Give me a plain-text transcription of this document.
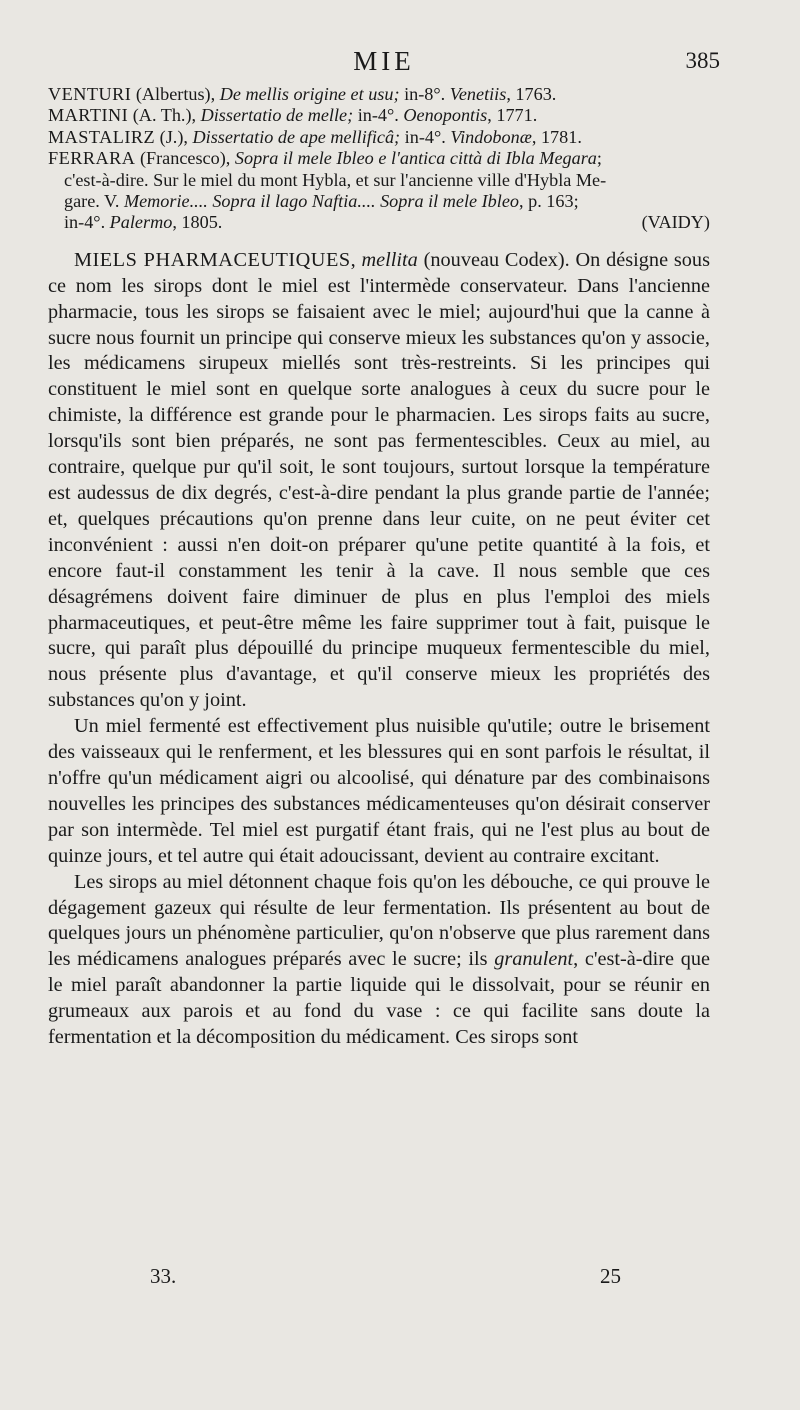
MIE	385

VENTURI (Albertus), De mellis origine et usu; in-8°. Venetiis, 1763.

MARTINI (A. Th.), Dissertatio de melle; in-4°. Oenopontis, 1771.

MASTALIRZ (J.), Dissertatio de ape mellificâ; in-4°. Vindobonæ, 1781.

FERRARA (Francesco), Sopra il mele Ibleo e l'antica città di Ibla Megara;

c'est-à-dire. Sur le miel du mont Hybla, et sur l'ancienne ville d'Hybla Me-

gare. V. Memorie.... Sopra il lago Naftia.... Sopra il mele Ibleo, p. 163;

in-4°. Palermo, 1805.	(VAIDY)

MIELS PHARMACEUTIQUES, mellita (nouveau Codex). On désigne sous ce nom les sirops dont le miel est l'intermède conservateur. Dans l'ancienne pharmacie, tous les sirops se faisaient avec le miel; aujourd'hui que la canne à sucre nous fournit un principe qui conserve mieux les substances qu'on y associe, les médicamens sirupeux miellés sont très-restreints. Si les principes qui constituent le miel sont en quelque sorte analogues à ceux du sucre pour le chimiste, la différence est grande pour le pharmacien. Les sirops faits au sucre, lorsqu'ils sont bien préparés, ne sont pas fermentescibles. Ceux au miel, au contraire, quelque pur qu'il soit, le sont toujours, surtout lorsque la température est audessus de dix degrés, c'est-à-dire pendant la plus grande partie de l'année; et, quelques précautions qu'on prenne dans leur cuite, on ne peut éviter cet inconvénient : aussi n'en doit-on préparer qu'une petite quantité à la fois, et encore faut-il constamment les tenir à la cave. Il nous semble que ces désagrémens doivent faire diminuer de plus en plus l'emploi des miels pharmaceutiques, et peut-être même les faire supprimer tout à fait, puisque le sucre, qui paraît plus dépouillé du principe muqueux fermentescible du miel, nous présente plus d'avantage, et qu'il conserve mieux les propriétés des substances qu'on y joint.

Un miel fermenté est effectivement plus nuisible qu'utile; outre le brisement des vaisseaux qui le renferment, et les blessures qui en sont parfois le résultat, il n'offre qu'un médicament aigri ou alcoolisé, qui dénature par des combinaisons nouvelles les principes des substances médicamenteuses qu'on désirait conserver par son intermède. Tel miel est purgatif étant frais, qui ne l'est plus au bout de quinze jours, et tel autre qui était adoucissant, devient au contraire excitant.

Les sirops au miel détonnent chaque fois qu'on les débouche, ce qui prouve le dégagement gazeux qui résulte de leur fermentation. Ils présentent au bout de quelques jours un phénomène particulier, qu'on n'observe que plus rarement dans les médicamens analogues préparés avec le sucre; ils granulent, c'est-à-dire que le miel paraît abandonner la partie liquide qui le dissolvait, pour se réunir en grumeaux aux parois et au fond du vase : ce qui facilite sans doute la fermentation et la décomposition du médicament. Ces sirops sont

33.	25
